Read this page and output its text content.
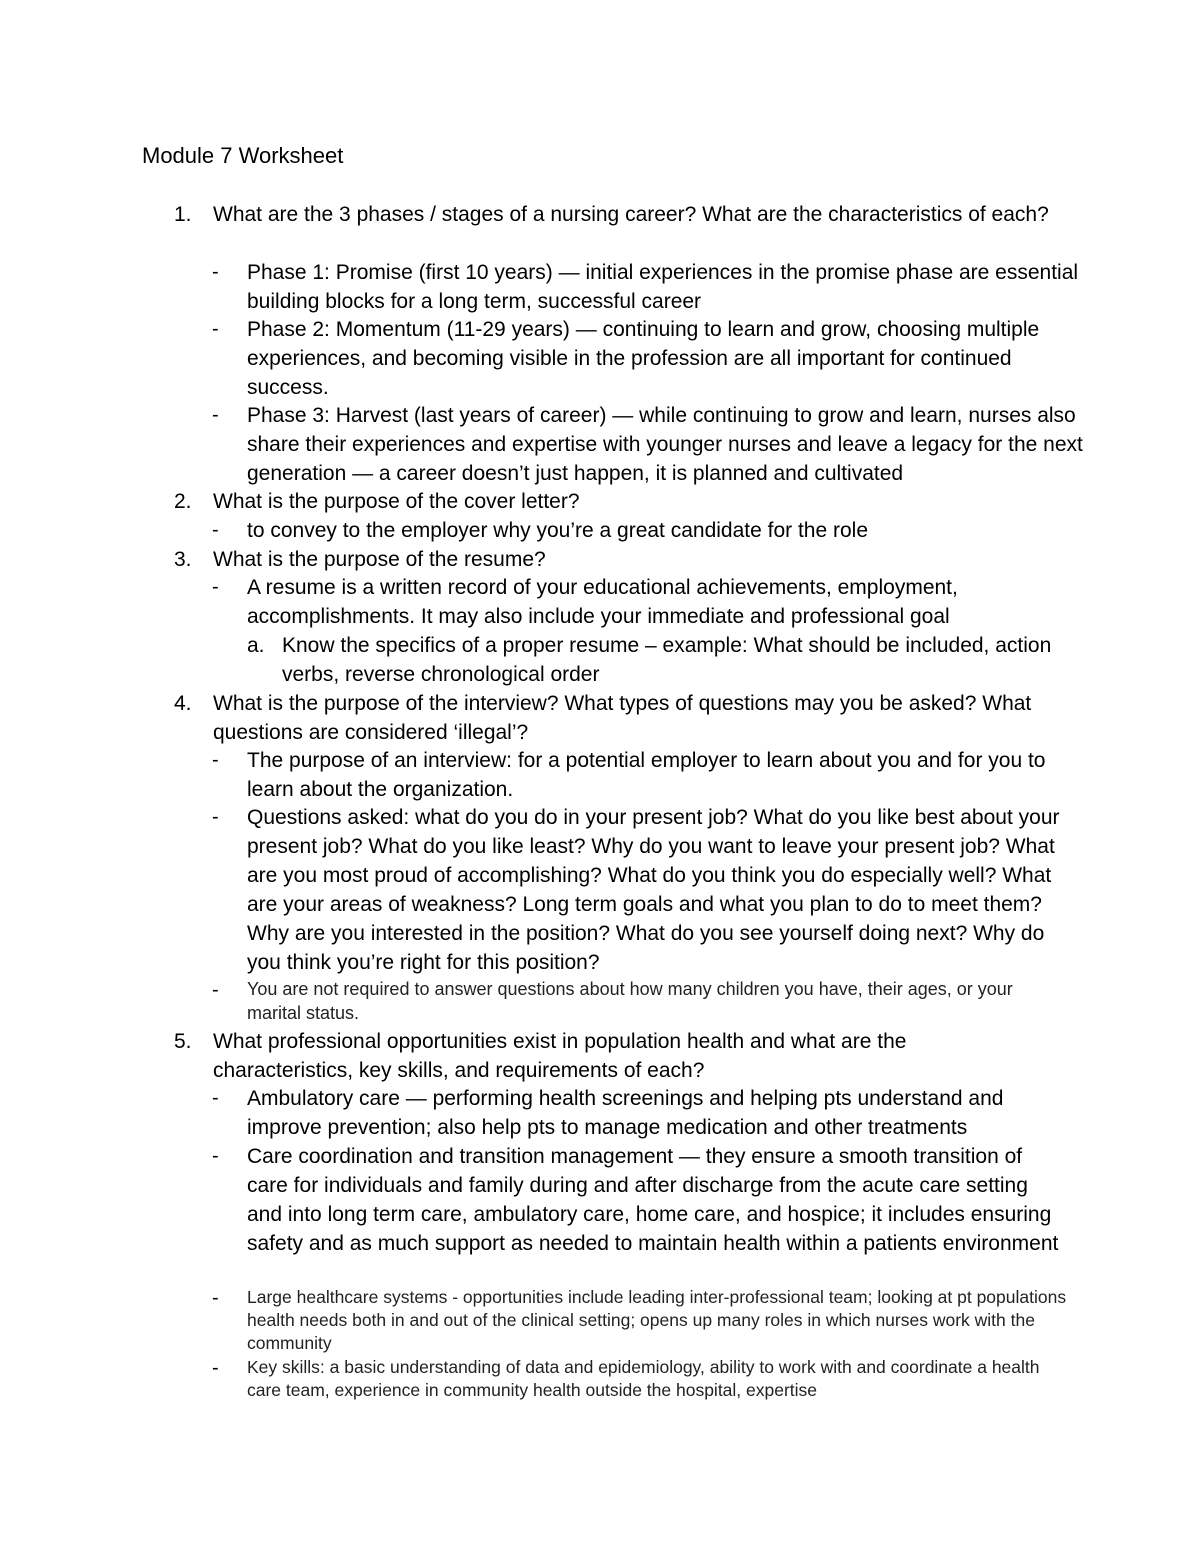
Module 7 Worksheet
1. What are the 3 phases / stages of a nursing career? What are the characteristics of each?
- Phase 1: Promise (first 10 years) — initial experiences in the promise phase are essential building blocks for a long term, successful career
- Phase 2: Momentum (11-29 years) — continuing to learn and grow, choosing multiple experiences, and becoming visible in the profession are all important for continued success.
- Phase 3: Harvest (last years of career) — while continuing to grow and learn, nurses also share their experiences and expertise with younger nurses and leave a legacy for the next generation — a career doesn’t just happen, it is planned and cultivated
2. What is the purpose of the cover letter?
- to convey to the employer why you’re a great candidate for the role
3. What is the purpose of the resume?
- A resume is a written record of your educational achievements, employment, accomplishments. It may also include your immediate and professional goal
a. Know the specifics of a proper resume – example: What should be included, action verbs, reverse chronological order
4. What is the purpose of the interview? What types of questions may you be asked? What questions are considered ‘illegal’?
- The purpose of an interview: for a potential employer to learn about you and for you to learn about the organization.
- Questions asked: what do you do in your present job? What do you like best about your present job? What do you like least? Why do you want to leave your present job? What are you most proud of accomplishing? What do you think you do especially well? What are your areas of weakness? Long term goals and what you plan to do to meet them? Why are you interested in the position? What do you see yourself doing next? Why do you think you’re right for this position?
- You are not required to answer questions about how many children you have, their ages, or your marital status.
5. What professional opportunities exist in population health and what are the characteristics, key skills, and requirements of each?
- Ambulatory care — performing health screenings and helping pts understand and improve prevention; also help pts to manage medication and other treatments
- Care coordination and transition management — they ensure a smooth transition of care for individuals and family during and after discharge from the acute care setting and into long term care, ambulatory care, home care, and hospice; it includes ensuring safety and as much support as needed to maintain health within a patients environment
- Large healthcare systems - opportunities include leading inter-professional team; looking at pt populations health needs both in and out of the clinical setting; opens up many roles in which nurses work with the community
- Key skills: a basic understanding of data and epidemiology, ability to work with and coordinate a health care team, experience in community health outside the hospital, expertise
